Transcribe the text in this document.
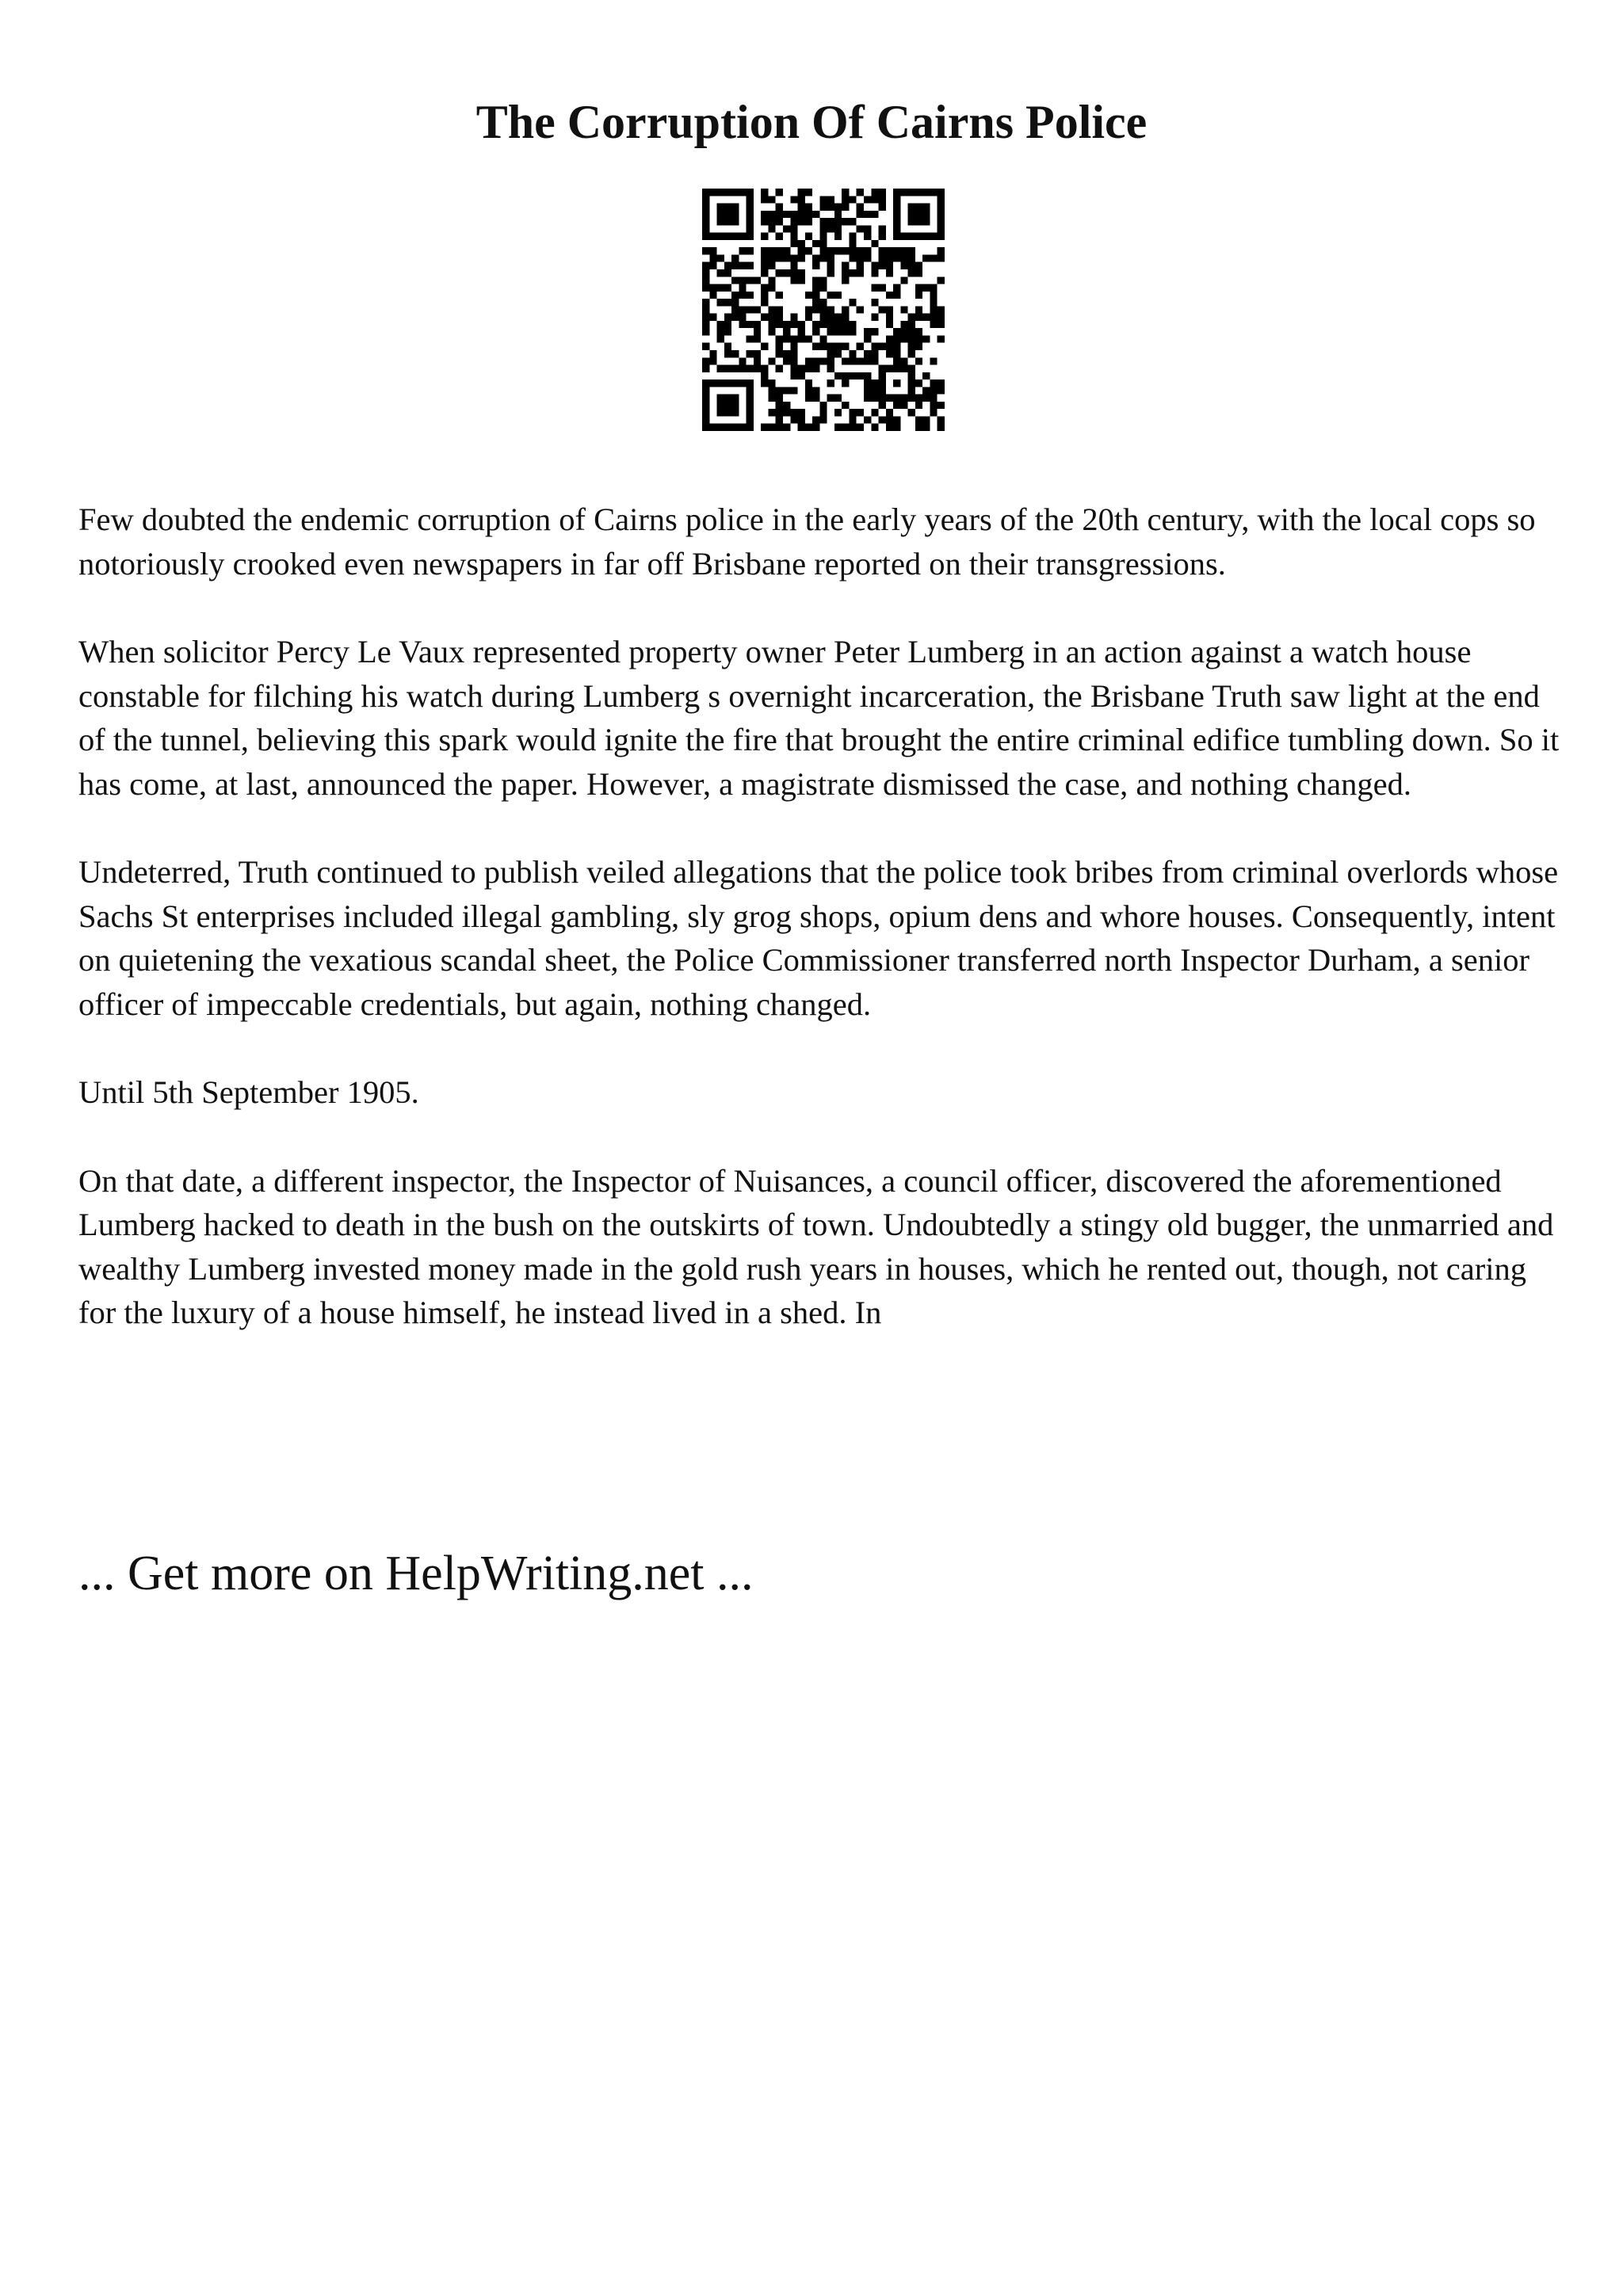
The Corruption Of Cairns Police

Few doubted the endemic corruption of Cairns police in the early years of the 20th century, with the local cops so notoriously crooked even newspapers in far off Brisbane reported on their transgressions.

When solicitor Percy Le Vaux represented property owner Peter Lumberg in an action against a watch house constable for filching his watch during Lumberg s overnight incarceration, the Brisbane Truth saw light at the end of the tunnel, believing this spark would ignite the fire that brought the entire criminal edifice tumbling down. So it has come, at last, announced the paper. However, a magistrate dismissed the case, and nothing changed.

Undeterred, Truth continued to publish veiled allegations that the police took bribes from criminal overlords whose Sachs St enterprises included illegal gambling, sly grog shops, opium dens and whore houses. Consequently, intent on quietening the vexatious scandal sheet, the Police Commissioner transferred north Inspector Durham, a senior officer of impeccable credentials, but again, nothing changed.

Until 5th September 1905.

On that date, a different inspector, the Inspector of Nuisances, a council officer, discovered the aforementioned Lumberg hacked to death in the bush on the outskirts of town. Undoubtedly a stingy old bugger, the unmarried and wealthy Lumberg invested money made in the gold rush years in houses, which he rented out, though, not caring for the luxury of a house himself, he instead lived in a shed. In

... Get more on HelpWriting.net ...
